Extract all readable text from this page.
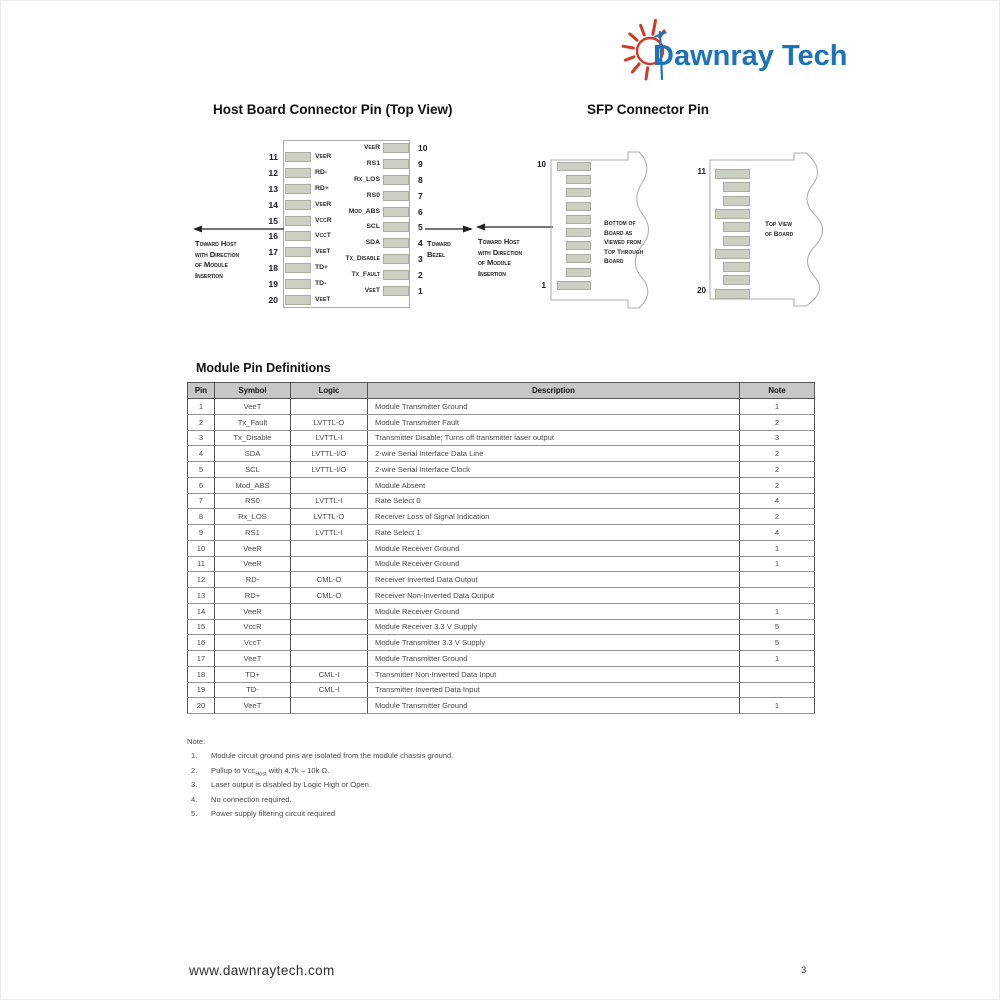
Dawnray Tech
Host Board Connector Pin (Top View)	SFP Connector Pin
11	VeeR
12	RD-
13	RD+
14	VeeR
15	VccR
16	VccT
17	VeeT
18	TD+
19	TD-
20	VeeT
VeeR	10
RS1	9
Rx_LOS	8
RS0	7
Mod_ABS	6
SCL	5
SDA	4
Tx_Disable	3
Tx_Fault	2
VeeT	1
Toward Host
with Direction
of Module
Insertion
Toward
Bezel
Toward Host
with Direction
of Module
Insertion
10
1
Bottom of
Board as
Viewed from
Top Through
Board
11
20
Top View
of Board
Module Pin Definitions
Pin	Symbol	Logic	Description	Note
1	VeeT		Module Transmitter Ground	1
2	Tx_Fault	LVTTL-O	Module Transmitter Fault	2
3	Tx_Disable	LVTTL-I	Transmitter Disable; Turns off transmitter laser output	3
4	SDA	LVTTL-I/O	2-wire Serial Interface Data Line	2
5	SCL	LVTTL-I/O	2-wire Serial Interface Clock	2
6	Mod_ABS		Module Absent	2
7	RS0	LVTTL-I	Rate Select 0	4
8	Rx_LOS	LVTTL-O	Receiver Loss of Signal Indication	2
9	RS1	LVTTL-I	Rate Select 1	4
10	VeeR		Module Receiver Ground	1
11	VeeR		Module Receiver Ground	1
12	RD-	CML-O	Receiver Inverted Data Output	
13	RD+	CML-O	Receiver Non-Inverted Data Output	
14	VeeR		Module Receiver Ground	1
15	VccR		Module Receiver 3.3 V Supply	5
16	VccT		Module Transmitter 3.3 V Supply	5
17	VeeT		Module Transmitter Ground	1
18	TD+	CML-I	Transmitter Non-Inverted Data Input	
19	TD-	CML-I	Transmitter Inverted Data Input	
20	VeeT		Module Transmitter Ground	1
Note:
1. Module circuit ground pins are isolated from the module chassis ground.
2. Pullup to Vcc$_{Host}$ with 4.7k – 10k Ω.
3. Laser output is disabled by Logic High or Open.
4. No connection required.
5. Power supply filtering circuit required
www.dawnraytech.com	3
